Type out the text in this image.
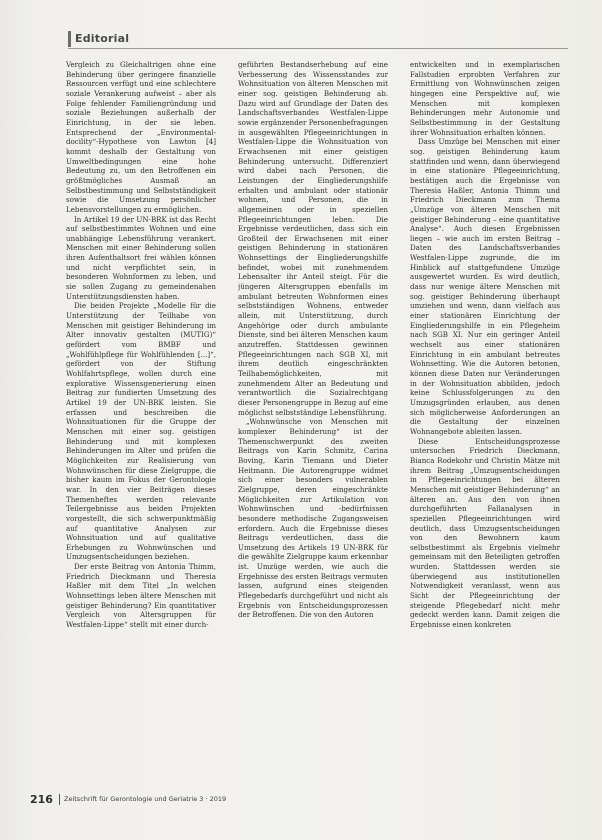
Editorial

Vergleich zu Gleichaltrigen ohne eine Behinderung über geringere finanzielle Ressourcen verfügt und eine schlechtere soziale Verankerung aufweist – aber als Folge fehlender Familiengründung und soziale Beziehungen außerhalb der Einrichtung, in der sie leben. Entsprechend der „Environmental-docility“-Hypothese von Lawton [4] kommt deshalb der Gestaltung von Umweltbedingungen eine hohe Bedeutung zu, um den Betroffenen ein größtmögliches Ausmaß an Selbstbestimmung und Selbstständigkeit sowie die Umsetzung persönlicher Lebensvorstellungen zu ermöglichen.

In Artikel 19 der UN-BRK ist das Recht auf selbstbestimmtes Wohnen und eine unabhängige Lebensführung verankert. Menschen mit einer Behinderung sollen ihren Aufenthaltsort frei wählen können und nicht verpflichtet sein, in besonderen Wohnformen zu leben, und sie sollen Zugang zu gemeindenahen Unterstützungsdiensten haben.

Die beiden Projekte „Modelle für die Unterstützung der Teilhabe von Menschen mit geistiger Behinderung im Alter innovativ gestalten (MUTIG)“ gefördert vom BMBF und „Wohlfühlpflege für Wohlfühlenden [...]“, gefördert von der Stiftung Wohlfahrtspflege, wollen durch eine explorative Wissensgenerierung einen Beitrag zur fundierten Umsetzung des Artikel 19 der UN-BRK leisten. Sie erfassen und beschreiben die Wohnsituationen für die Gruppe der Menschen mit einer sog. geistigen Behinderung und mit komplexen Behinderungen im Alter und prüfen die Möglichkeiten zur Realisierung von Wohnwünschen für diese Zielgruppe, die bisher kaum im Fokus der Gerontologie war. In den vier Beiträgen dieses Themenheftes werden relevante Teilergebnisse aus beiden Projekten vorgestellt, die sich schwerpunktmäßig auf quantitative Analysen zur Wohnsituation und auf qualitative Erhebungen zu Wohnwünschen und Umzugsentscheidungen beziehen.

Der erste Beitrag von Antonia Thimm, Friedrich Dieckmann und Theresia Haßler mit dem Titel „In welchen Wohnsettings leben ältere Menschen mit geistiger Behinderung? Ein quantitativer Vergleich von Altersgruppen für Westfalen-Lippe“ stellt mit einer durch-

geführten Bestandserhebung auf eine Verbesserung des Wissensstandes zur Wohnsituation von älteren Menschen mit einer sog. geistigen Behinderung ab. Dazu wird auf Grundlage der Daten des Landschaftsverbandes Westfalen-Lippe sowie ergänzender Personenbefragungen in ausgewählten Pflegeeinrichtungen in Westfalen-Lippe die Wohnsituation von Erwachsenen mit einer geistigen Behinderung untersucht. Differenziert wird dabei nach Personen, die Leistungen der Eingliederungshilfe erhalten und ambulant oder stationär wohnen, und Personen, die in allgemeinen oder in speziellen Pflegeeinrichtungen leben. Die Ergebnisse verdeutlichen, dass sich ein Großteil der Erwachsenen mit einer geistigen Behinderung in stationären Wohnsettings der Eingliederungshilfe befindet, wobei mit zunehmendem Lebensalter ihr Anteil steigt. Für die jüngeren Altersgruppen ebenfalls im ambulant betreuten Wohnformen eines selbstständigen Wohnens, entweder allein, mit Unterstützung, durch Angehörige oder durch ambulante Dienste, sind bei älteren Menschen kaum anzutreffen. Stattdessen gewinnen Pflegeeinrichtungen nach SGB XI, mit ihrem deutlich eingeschränkten Teilhabemöglichkeiten, mit zunehmendem Alter an Bedeutung und verantwortlich die Sozialrechtgang dieser Personengruppe in Bezug auf eine möglichst selbstständige Lebensführung.

„Wohnwünsche von Menschen mit komplexer Behinderung“ ist der Themenschwerpunkt des zweiten Beitrags von Karin Schmitz, Carina Boving, Karin Tiemann und Dieter Heitmann. Die Autorengruppe widmet sich einer besonders vulnerablen Zielgruppe, deren eingeschränkte Möglichkeiten zur Artikulation von Wohnwünschen und -bedürfnissen besondere methodische Zugangsweisen erfordern. Auch die Ergebnisse dieses Beitrags verdeutlichen, dass die Umsetzung des Artikels 19 UN-BRK für die gewählte Zielgruppe kaum erkennbar ist. Umzüge werden, wie auch die Ergebnisse des ersten Beitrags vermuten lassen, aufgrund eines steigenden Pflegebedarfs durchgeführt und nicht als Ergebnis von Entscheidungsprozessen der Betroffenen. Die von den Autoren

entwickelten und in exemplarischen Fallstudien erprobten Verfahren zur Ermittlung von Wohnwünschen zeigen hingegen eine Perspektive auf, wie Menschen mit komplexen Behinderungen mehr Autonomie und Selbstbestimmung in der Gestaltung ihrer Wohnsituation erhalten können.

Dass Umzüge bei Menschen mit einer sog. geistigen Behinderung kaum stattfinden und wenn, dann überwiegend in eine stationäre Pflegeeinrichtung, bestätigen auch die Ergebnisse von Theresia Haßler, Antonia Thimm und Friedrich Dieckmann zum Thema „Umzüge von älteren Menschen mit geistiger Behinderung – eine quantitative Analyse“. Auch diesen Ergebnissen liegen – wie auch im ersten Beitrag – Daten des Landschaftsverbandes Westfalen-Lippe zugrunde, die im Hinblick auf stattgefundene Umzüge ausgewertet wurden. Es wird deutlich, dass nur wenige ältere Menschen mit sog. geistiger Behinderung überhaupt umziehen und wenn, dann vielfach aus einer stationären Einrichtung der Eingliederungshilfe in ein Pflegeheim nach SGB XI. Nur ein geringer Anteil wechselt aus einer stationären Einrichtung in ein ambulant betreutes Wohnsetting. Wie die Autoren betonen, können diese Daten nur Veränderungen in der Wohnsituation abbilden, jedoch keine Schlussfolgerungen zu den Umzugsgründen erlauben, aus denen sich möglicherweise Anforderungen an die Gestaltung der einzelnen Wohnangebote ableiten lassen.

Diese Entscheidungsprozesse untersuchen Friedrich Dieckmann, Bianca Rodekohr und Christin Mätze mit ihrem Beitrag „Umzugsentscheidungen in Pflegeeinrichtungen bei älteren Menschen mit geistiger Behinderung“ an älteren an. Aus den von ihnen durchgeführten Fallanalysen in speziellen Pflegeeinrichtungen wird deutlich, dass Umzugsentscheidungen von den Bewohnern kaum selbstbestimmt als Ergebnis vielmehr gemeinsam mit den Beteiligten getroffen wurden. Stattdessen werden sie überwiegend aus institutionellen Notwendigkeit veranlasst, wenn aus Sicht der Pflegeeinrichtung der steigende Pflegebedarf nicht mehr gedeckt werden kann. Damit zeigen die Ergebnisse einen konkreten

216 Zeitschrift für Gerontologie und Geriatrie 3 · 2019
